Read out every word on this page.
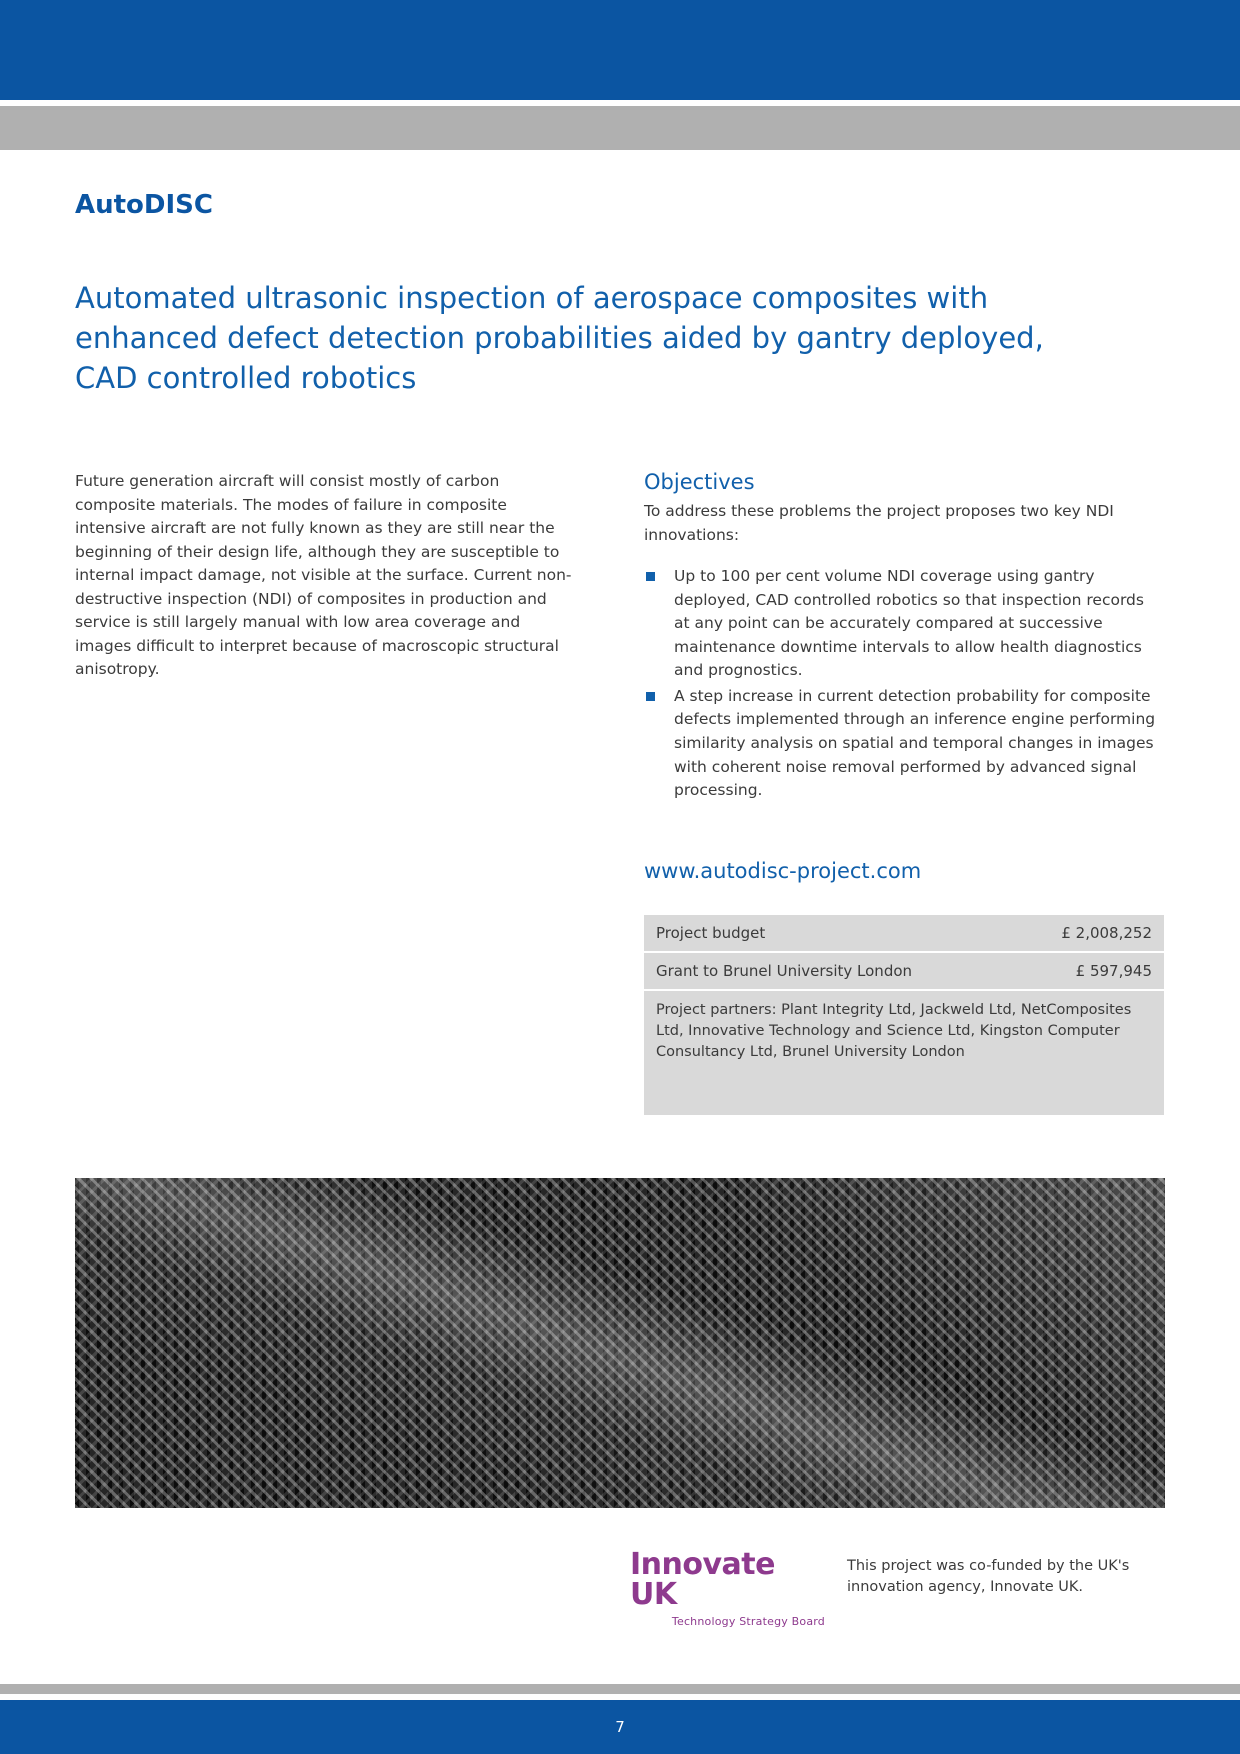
AutoDISC
Automated ultrasonic inspection of aerospace composites with enhanced defect detection probabilities aided by gantry deployed, CAD controlled robotics

Future generation aircraft will consist mostly of carbon composite materials. The modes of failure in composite intensive aircraft are not fully known as they are still near the beginning of their design life, although they are susceptible to internal impact damage, not visible at the surface. Current non-destructive inspection (NDI) of composites in production and service is still largely manual with low area coverage and images difficult to interpret because of macroscopic structural anisotropy.

Objectives

To address these problems the project proposes two key NDI innovations:

Up to 100 per cent volume NDI coverage using gantry deployed, CAD controlled robotics so that inspection records at any point can be accurately compared at successive maintenance downtime intervals to allow health diagnostics and prognostics.
A step increase in current detection probability for composite defects implemented through an inference engine performing similarity analysis on spatial and temporal changes in images with coherent noise removal performed by advanced signal processing.
www.autodisc-project.com
Project budget	£ 2,008,252
Grant to Brunel University London	£ 597,945
Project partners: Plant Integrity Ltd, Jackweld Ltd, NetComposites Ltd, Innovative Technology and Science Ltd, Kingston Computer Consultancy Ltd, Brunel University London	
Innovate UK
Technology Strategy Board
This project was co-funded by the UK's innovation agency, Innovate UK.
7
